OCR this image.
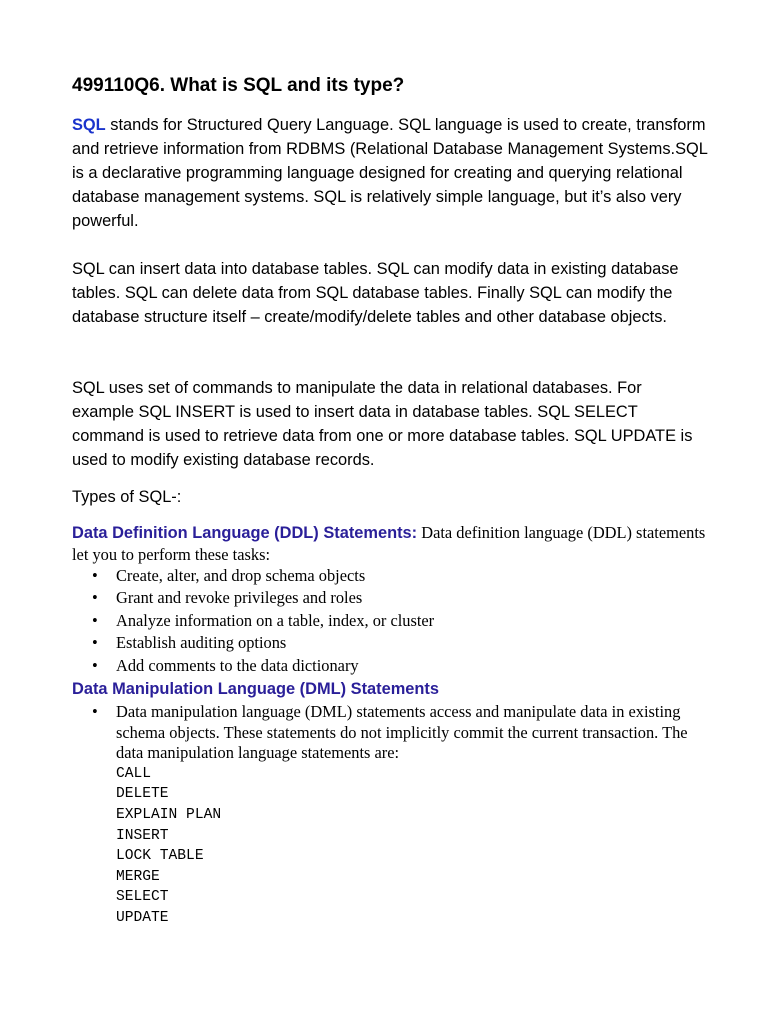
499110Q6. What is SQL and its type?

SQL stands for Structured Query Language. SQL language is used to create, transform and retrieve information from RDBMS (Relational Database Management Systems.SQL is a declarative programming language designed for creating and querying relational database management systems. SQL is relatively simple language, but it’s also very powerful.

SQL can insert data into database tables. SQL can modify data in existing database tables. SQL can delete data from SQL database tables. Finally SQL can modify the database structure itself – create/modify/delete tables and other database objects.

SQL uses set of commands to manipulate the data in relational databases. For example SQL INSERT is used to insert data in database tables. SQL SELECT command is used to retrieve data from one or more database tables. SQL UPDATE is used to modify existing database records.

Types of SQL-:

Data Definition Language (DDL) Statements: Data definition language (DDL) statements let you to perform these tasks:

• Create, alter, and drop schema objects
• Grant and revoke privileges and roles
• Analyze information on a table, index, or cluster
• Establish auditing options
• Add comments to the data dictionary

Data Manipulation Language (DML) Statements

• Data manipulation language (DML) statements access and manipulate data in existing schema objects. These statements do not implicitly commit the current transaction. The data manipulation language statements are:
CALL
DELETE
EXPLAIN PLAN
INSERT
LOCK TABLE
MERGE
SELECT
UPDATE
